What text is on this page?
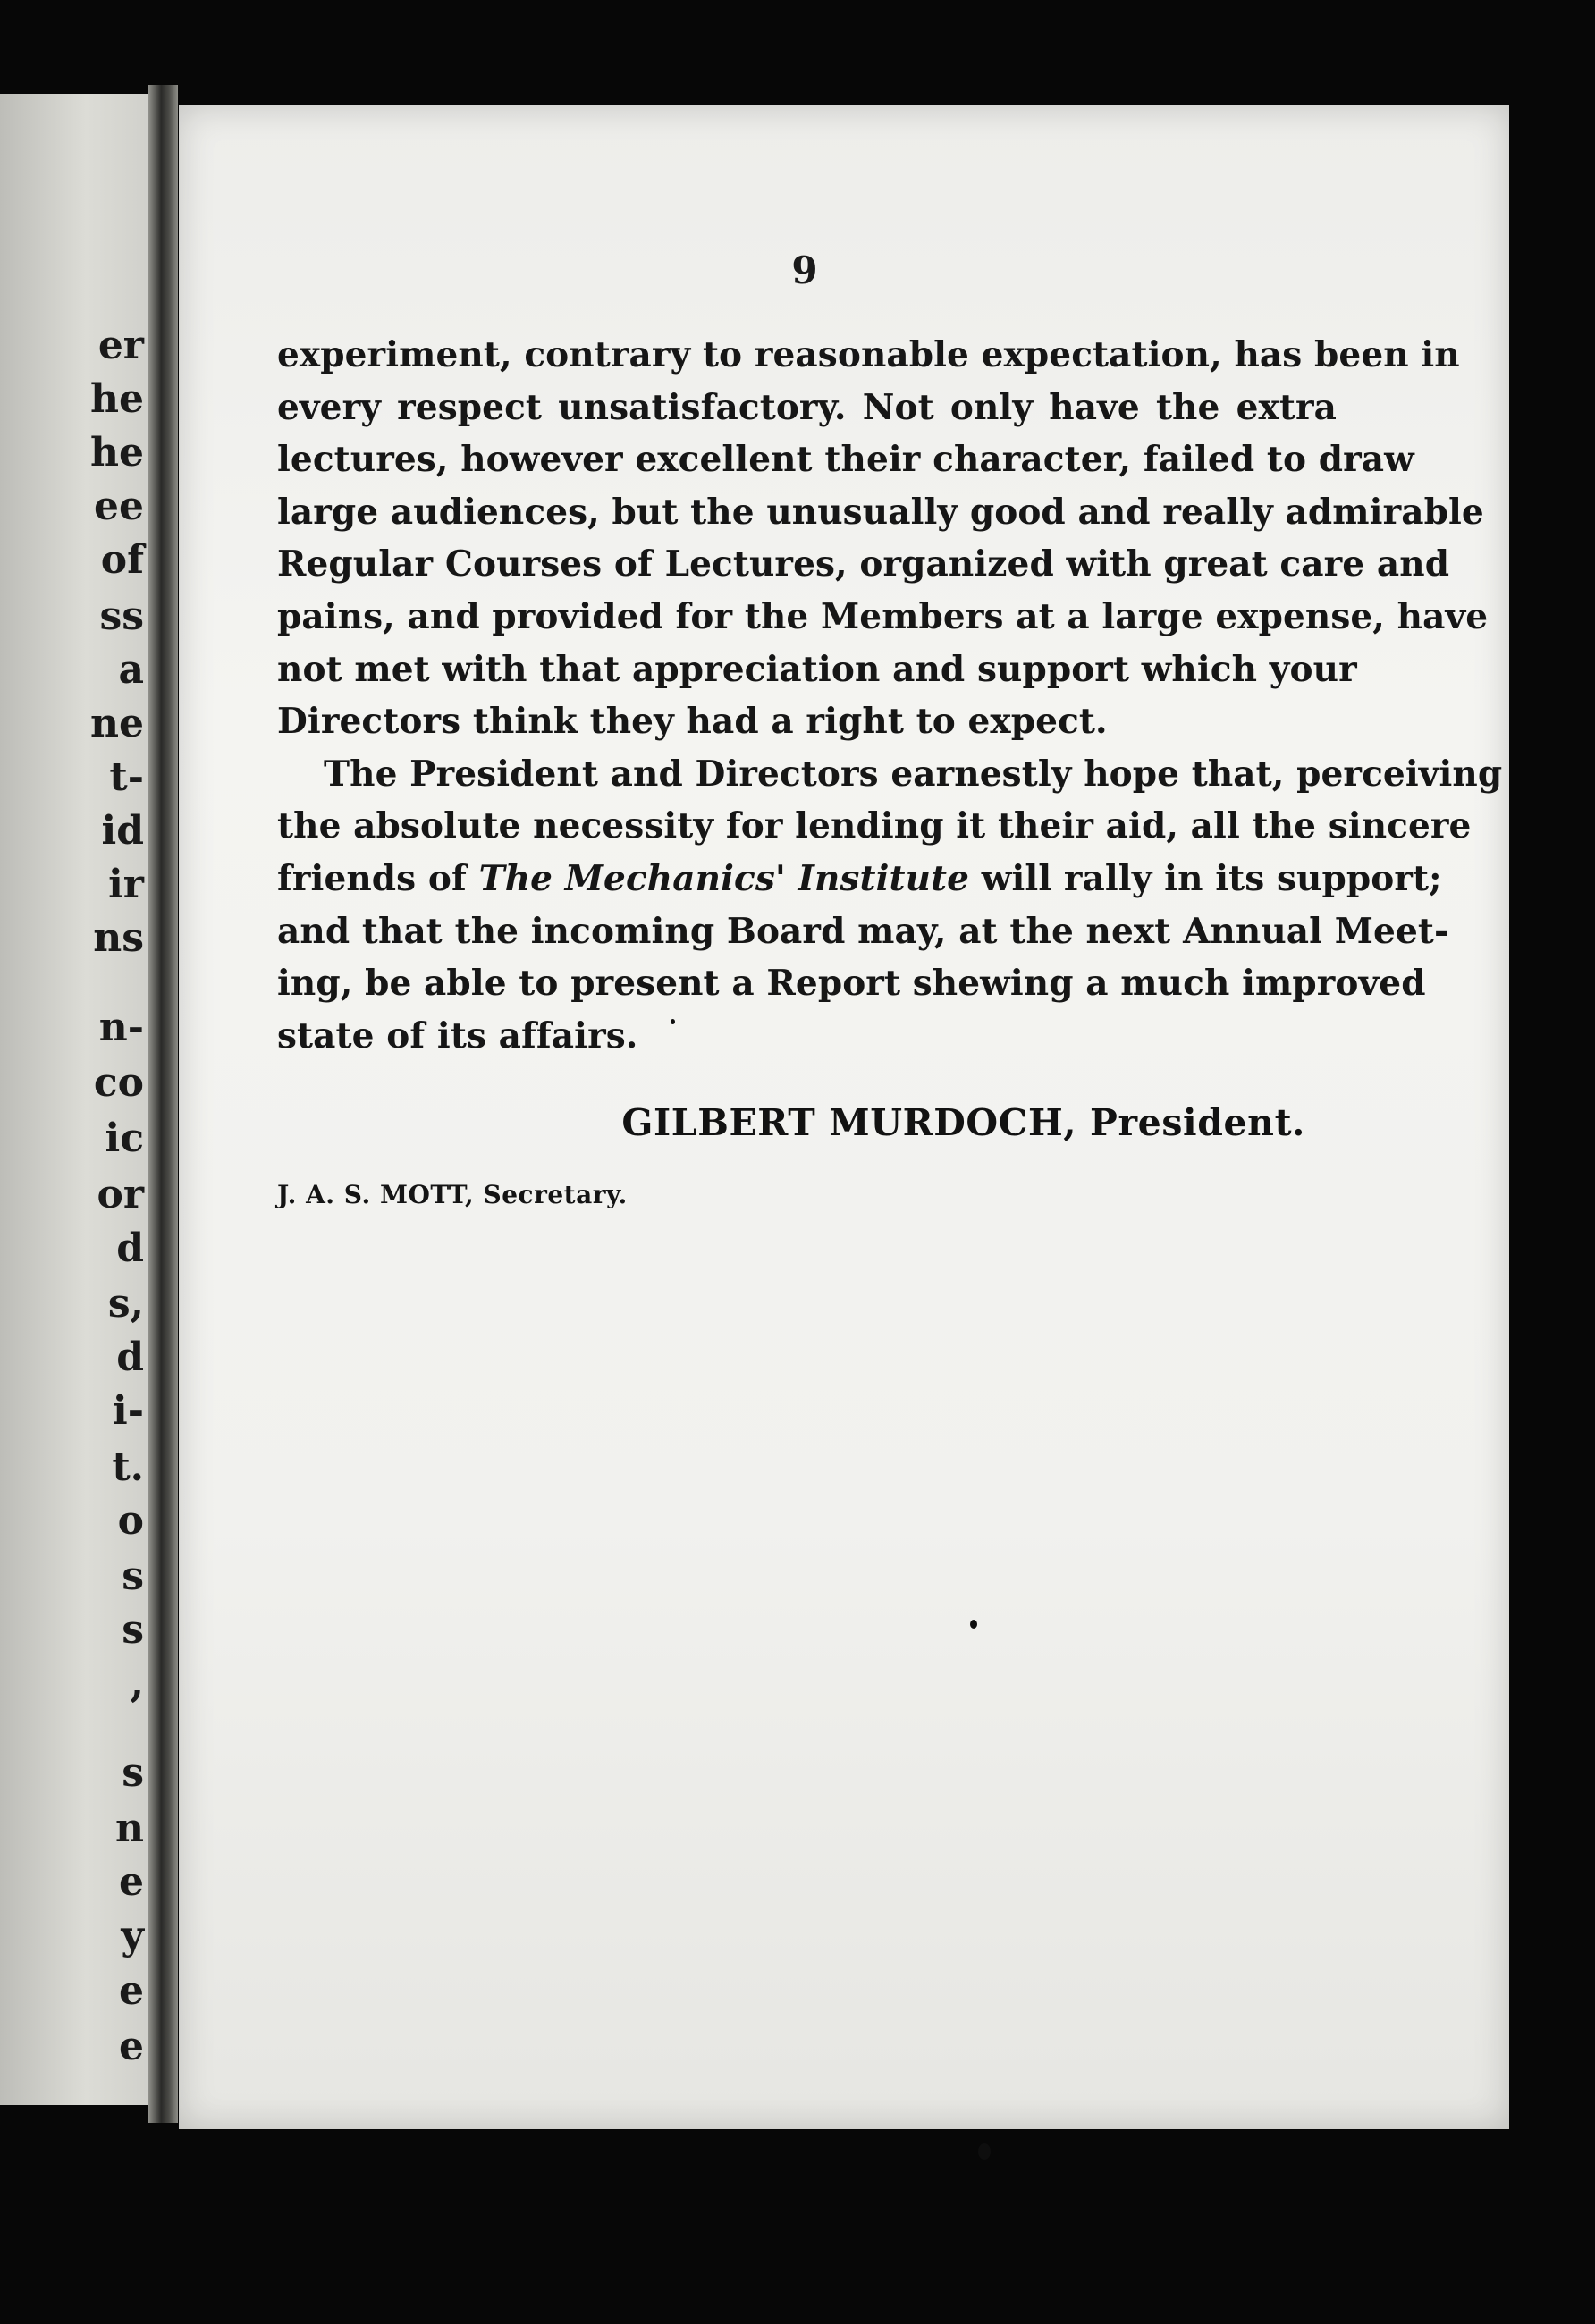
er
he
he
ee
of
ss
a
ne
t-
id
ir
ns
n-
co
ic
or
d
s,
d
i-
t.
o
s
s
,
s
n
e
y
e
e
9
experiment, contrary to reasonable expectation, has been in
every respect unsatisfactory. Not only have the extra
lectures, however excellent their character, failed to draw
large audiences, but the unusually good and really admirable
Regular Courses of Lectures, organized with great care and
pains, and provided for the Members at a large expense, have
not met with that appreciation and support which your
Directors think they had a right to expect.
The President and Directors earnestly hope that, perceiving
the absolute necessity for lending it their aid, all the sincere
friends of The Mechanics' Institute will rally in its support;
and that the incoming Board may, at the next Annual Meet-
ing, be able to present a Report shewing a much improved
state of its affairs.
GILBERT MURDOCH, President.
J. A. S. MOTT, Secretary.
